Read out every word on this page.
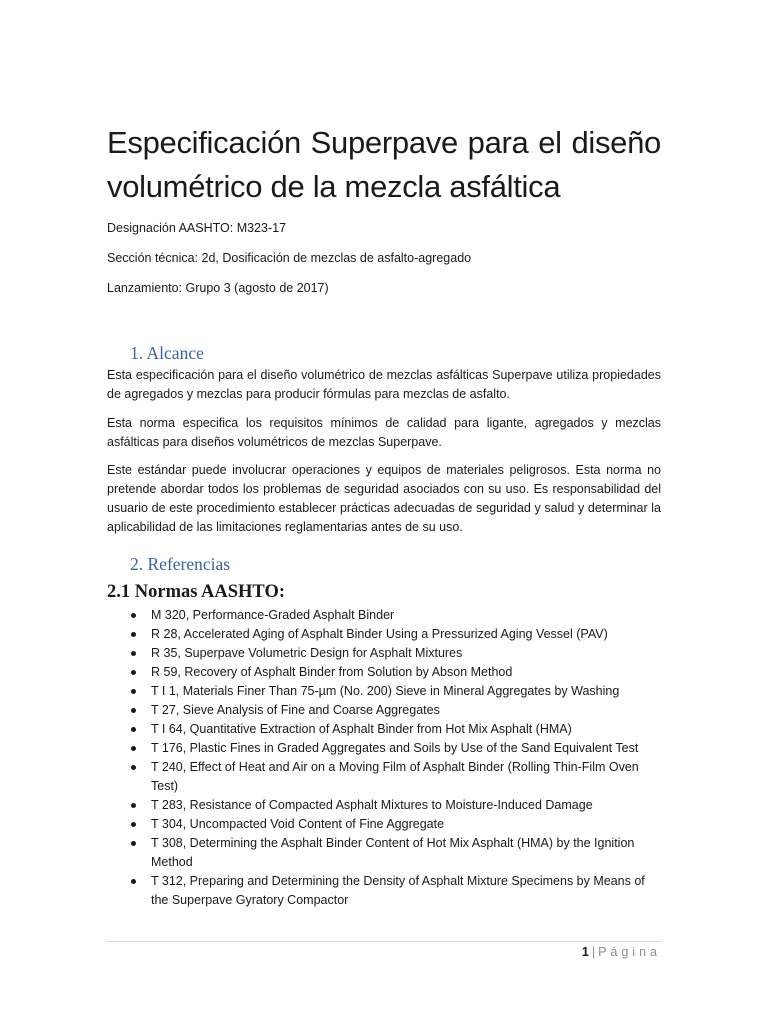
Especificación Superpave para el diseño volumétrico de la mezcla asfáltica

Designación AASHTO: M323-17

Sección técnica: 2d, Dosificación de mezclas de asfalto-agregado

Lanzamiento: Grupo 3 (agosto de 2017)

1. Alcance

Esta especificación para el diseño volumétrico de mezclas asfálticas Superpave utiliza propiedades de agregados y mezclas para producir fórmulas para mezclas de asfalto.

Esta norma especifica los requisitos mínimos de calidad para ligante, agregados y mezclas asfálticas para diseños volumétricos de mezclas Superpave.

Este estándar puede involucrar operaciones y equipos de materiales peligrosos. Esta norma no pretende abordar todos los problemas de seguridad asociados con su uso. Es responsabilidad del usuario de este procedimiento establecer prácticas adecuadas de seguridad y salud y determinar la aplicabilidad de las limitaciones reglamentarias antes de su uso.

2. Referencias
2.1 Normas AASHTO:
M 320, Performance-Graded Asphalt Binder
R 28, Accelerated Aging of Asphalt Binder Using a Pressurized Aging Vessel (PAV)
R 35, Superpave Volumetric Design for Asphalt Mixtures
R 59, Recovery of Asphalt Binder from Solution by Abson Method
T I 1, Materials Finer Than 75-µm (No. 200) Sieve in Mineral Aggregates by Washing
T 27, Sieve Analysis of Fine and Coarse Aggregates
T I 64, Quantitative Extraction of Asphalt Binder from Hot Mix Asphalt (HMA)
T 176, Plastic Fines in Graded Aggregates and Soils by Use of the Sand Equivalent Test
T 240, Effect of Heat and Air on a Moving Film of Asphalt Binder (Rolling Thin-Film Oven Test)
T 283, Resistance of Compacted Asphalt Mixtures to Moisture-Induced Damage
T 304, Uncompacted Void Content of Fine Aggregate
T 308, Determining the Asphalt Binder Content of Hot Mix Asphalt (HMA) by the Ignition Method
T 312, Preparing and Determining the Density of Asphalt Mixture Specimens by Means of the Superpave Gyratory Compactor
1 | Página
